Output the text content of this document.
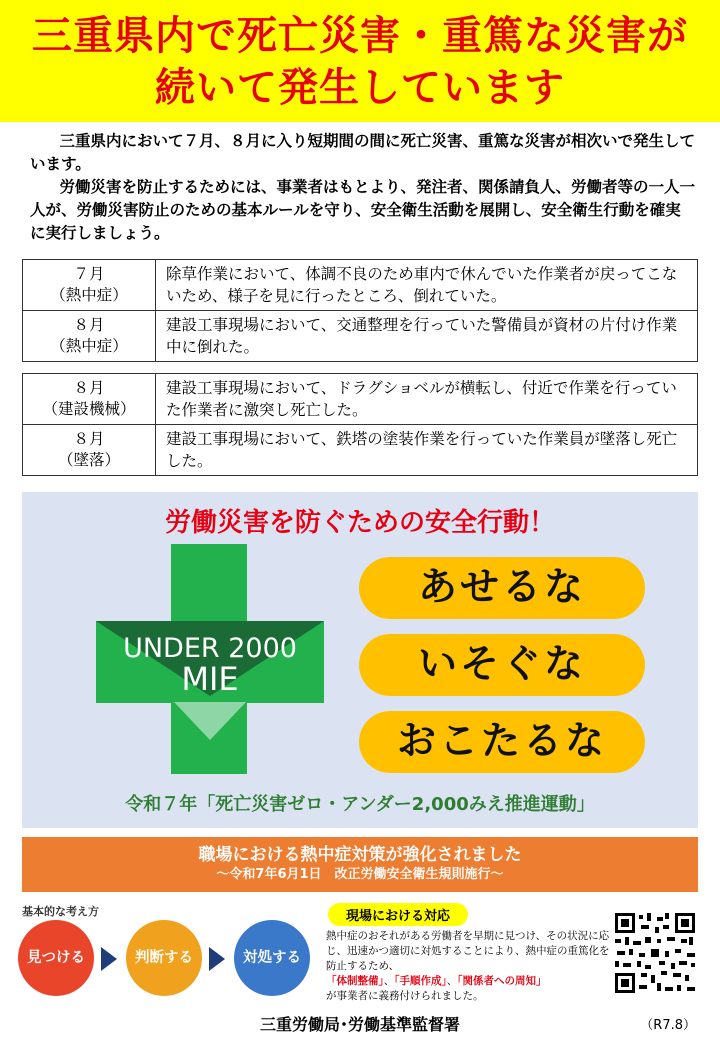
三重県内で死亡災害・重篤な災害が
続いて発生しています

三重県内において７月、８月に入り短期間の間に死亡災害、重篤な災害が相次いで発生しています。

労働災害を防止するためには、事業者はもとより、発注者、関係請負人、労働者等の一人一人が、労働災害防止のための基本ルールを守り、安全衛生活動を展開し、安全衛生行動を確実に実行しましょう。

７月
（熱中症）	除草作業において、体調不良のため車内で休んでいた作業者が戻ってこないため、様子を見に行ったところ、倒れていた。

８月
（熱中症）	建設工事現場において、交通整理を行っていた警備員が資材の片付け作業中に倒れた。
８月
（建設機械）	建設工事現場において、ドラグショベルが横転し、付近で作業を行っていた作業者に激突し死亡した。

８月
（墜落）	建設工事現場において、鉄塔の塗装作業を行っていた作業員が墜落し死亡した。
労働災害を防ぐための安全行動！
UNDER 2000
MIE
あせるな
いそぐな
おこたるな
令和７年「死亡災害ゼロ・アンダー2,000みえ推進運動」
職場における熱中症対策が強化されました
～令和7年6月1日　改正労働安全衛生規則施行～
基本的な考え方
見つける	判断する	対処する
現場における対応
熱中症のおそれがある労働者を早期に見つけ、その状況に応じ、迅速かつ適切に対処することにより、熱中症の重篤化を防止するため、
「体制整備」、「手順作成」、「関係者への周知」
が事業者に義務付けられました。
三重労働局･労働基準監督署	（R7.8）
